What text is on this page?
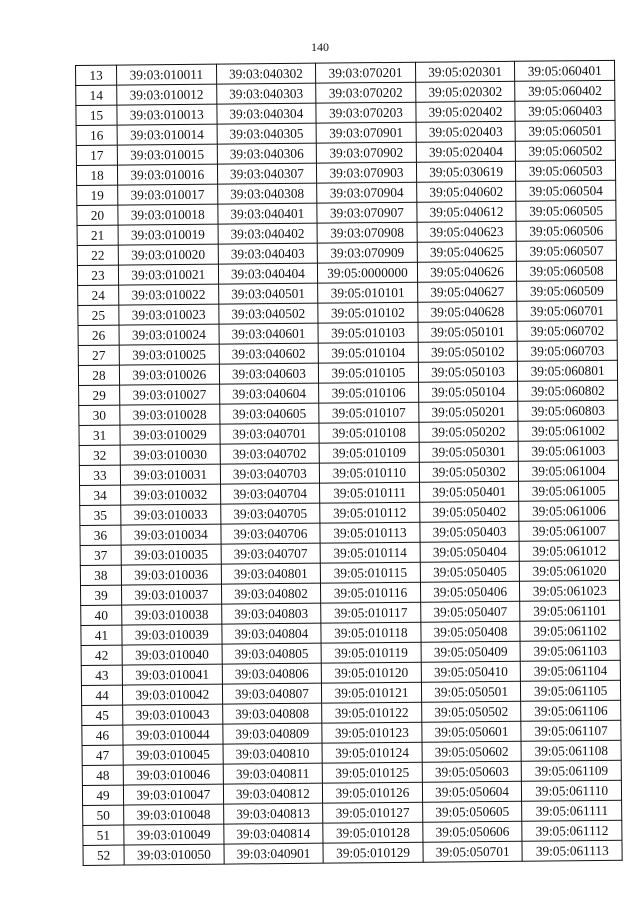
140
13	39:03:010011	39:03:040302	39:03:070201	39:05:020301	39:05:060401
14	39:03:010012	39:03:040303	39:03:070202	39:05:020302	39:05:060402
15	39:03:010013	39:03:040304	39:03:070203	39:05:020402	39:05:060403
16	39:03:010014	39:03:040305	39:03:070901	39:05:020403	39:05:060501
17	39:03:010015	39:03:040306	39:03:070902	39:05:020404	39:05:060502
18	39:03:010016	39:03:040307	39:03:070903	39:05:030619	39:05:060503
19	39:03:010017	39:03:040308	39:03:070904	39:05:040602	39:05:060504
20	39:03:010018	39:03:040401	39:03:070907	39:05:040612	39:05:060505
21	39:03:010019	39:03:040402	39:03:070908	39:05:040623	39:05:060506
22	39:03:010020	39:03:040403	39:03:070909	39:05:040625	39:05:060507
23	39:03:010021	39:03:040404	39:05:0000000	39:05:040626	39:05:060508
24	39:03:010022	39:03:040501	39:05:010101	39:05:040627	39:05:060509
25	39:03:010023	39:03:040502	39:05:010102	39:05:040628	39:05:060701
26	39:03:010024	39:03:040601	39:05:010103	39:05:050101	39:05:060702
27	39:03:010025	39:03:040602	39:05:010104	39:05:050102	39:05:060703
28	39:03:010026	39:03:040603	39:05:010105	39:05:050103	39:05:060801
29	39:03:010027	39:03:040604	39:05:010106	39:05:050104	39:05:060802
30	39:03:010028	39:03:040605	39:05:010107	39:05:050201	39:05:060803
31	39:03:010029	39:03:040701	39:05:010108	39:05:050202	39:05:061002
32	39:03:010030	39:03:040702	39:05:010109	39:05:050301	39:05:061003
33	39:03:010031	39:03:040703	39:05:010110	39:05:050302	39:05:061004
34	39:03:010032	39:03:040704	39:05:010111	39:05:050401	39:05:061005
35	39:03:010033	39:03:040705	39:05:010112	39:05:050402	39:05:061006
36	39:03:010034	39:03:040706	39:05:010113	39:05:050403	39:05:061007
37	39:03:010035	39:03:040707	39:05:010114	39:05:050404	39:05:061012
38	39:03:010036	39:03:040801	39:05:010115	39:05:050405	39:05:061020
39	39:03:010037	39:03:040802	39:05:010116	39:05:050406	39:05:061023
40	39:03:010038	39:03:040803	39:05:010117	39:05:050407	39:05:061101
41	39:03:010039	39:03:040804	39:05:010118	39:05:050408	39:05:061102
42	39:03:010040	39:03:040805	39:05:010119	39:05:050409	39:05:061103
43	39:03:010041	39:03:040806	39:05:010120	39:05:050410	39:05:061104
44	39:03:010042	39:03:040807	39:05:010121	39:05:050501	39:05:061105
45	39:03:010043	39:03:040808	39:05:010122	39:05:050502	39:05:061106
46	39:03:010044	39:03:040809	39:05:010123	39:05:050601	39:05:061107
47	39:03:010045	39:03:040810	39:05:010124	39:05:050602	39:05:061108
48	39:03:010046	39:03:040811	39:05:010125	39:05:050603	39:05:061109
49	39:03:010047	39:03:040812	39:05:010126	39:05:050604	39:05:061110
50	39:03:010048	39:03:040813	39:05:010127	39:05:050605	39:05:061111
51	39:03:010049	39:03:040814	39:05:010128	39:05:050606	39:05:061112
52	39:03:010050	39:03:040901	39:05:010129	39:05:050701	39:05:061113
